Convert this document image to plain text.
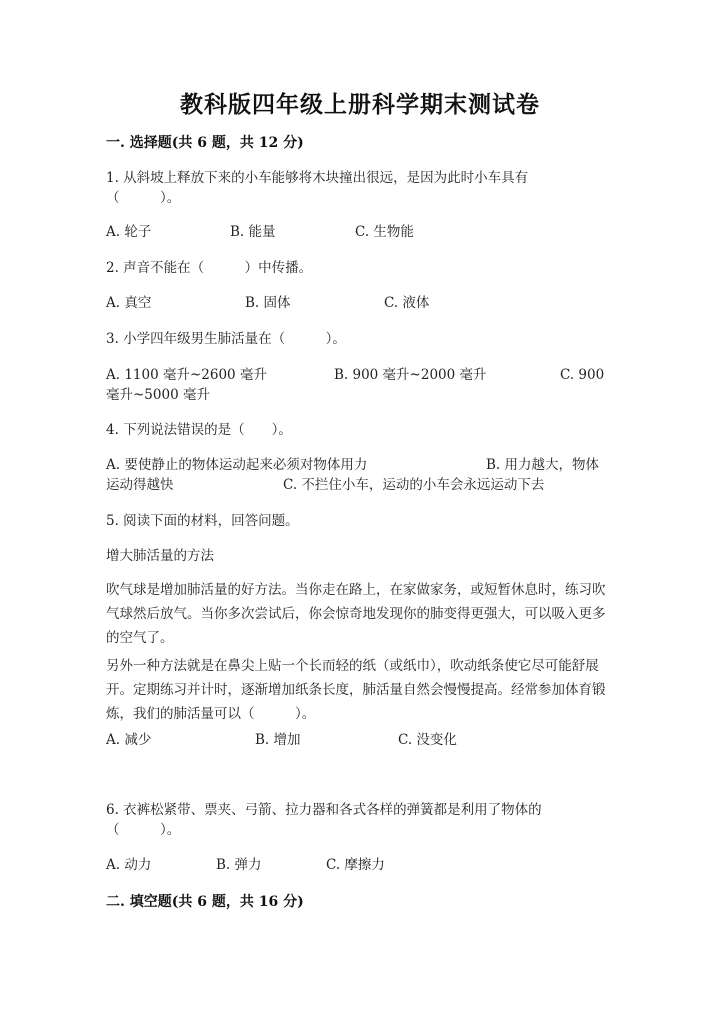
教科版四年级上册科学期末测试卷
一. 选择题(共 6 题，共 12 分)
1. 从斜坡上释放下来的小车能够将木块撞出很远，是因为此时小车具有
（　　　）。
A. 轮子	B. 能量	C. 生物能
2. 声音不能在（　　　）中传播。
A. 真空	B. 固体	C. 液体
3. 小学四年级男生肺活量在（　　　）。
A. 1100 毫升~2600 毫升	B. 900 毫升~2000 毫升	C. 900
毫升~5000 毫升
4. 下列说法错误的是（　　）。
A. 要使静止的物体运动起来必须对物体用力	B. 用力越大，物体
运动得越快	C. 不拦住小车，运动的小车会永远运动下去
5. 阅读下面的材料，回答问题。
增大肺活量的方法
吹气球是增加肺活量的好方法。当你走在路上，在家做家务，或短暂休息时，练习吹气球然后放气。当你多次尝试后，你会惊奇地发现你的肺变得更强大，可以吸入更多的空气了。
另外一种方法就是在鼻尖上贴一个长而轻的纸（或纸巾），吹动纸条使它尽可能舒展开。定期练习并计时，逐渐增加纸条长度，肺活量自然会慢慢提高。经常参加体育锻炼，我们的肺活量可以（　　　）。
A. 减少	B. 增加	C. 没变化
6. 衣裤松紧带、票夹、弓箭、拉力器和各式各样的弹簧都是利用了物体的
（　　　）。
A. 动力	B. 弹力	C. 摩擦力
二. 填空题(共 6 题，共 16 分)
